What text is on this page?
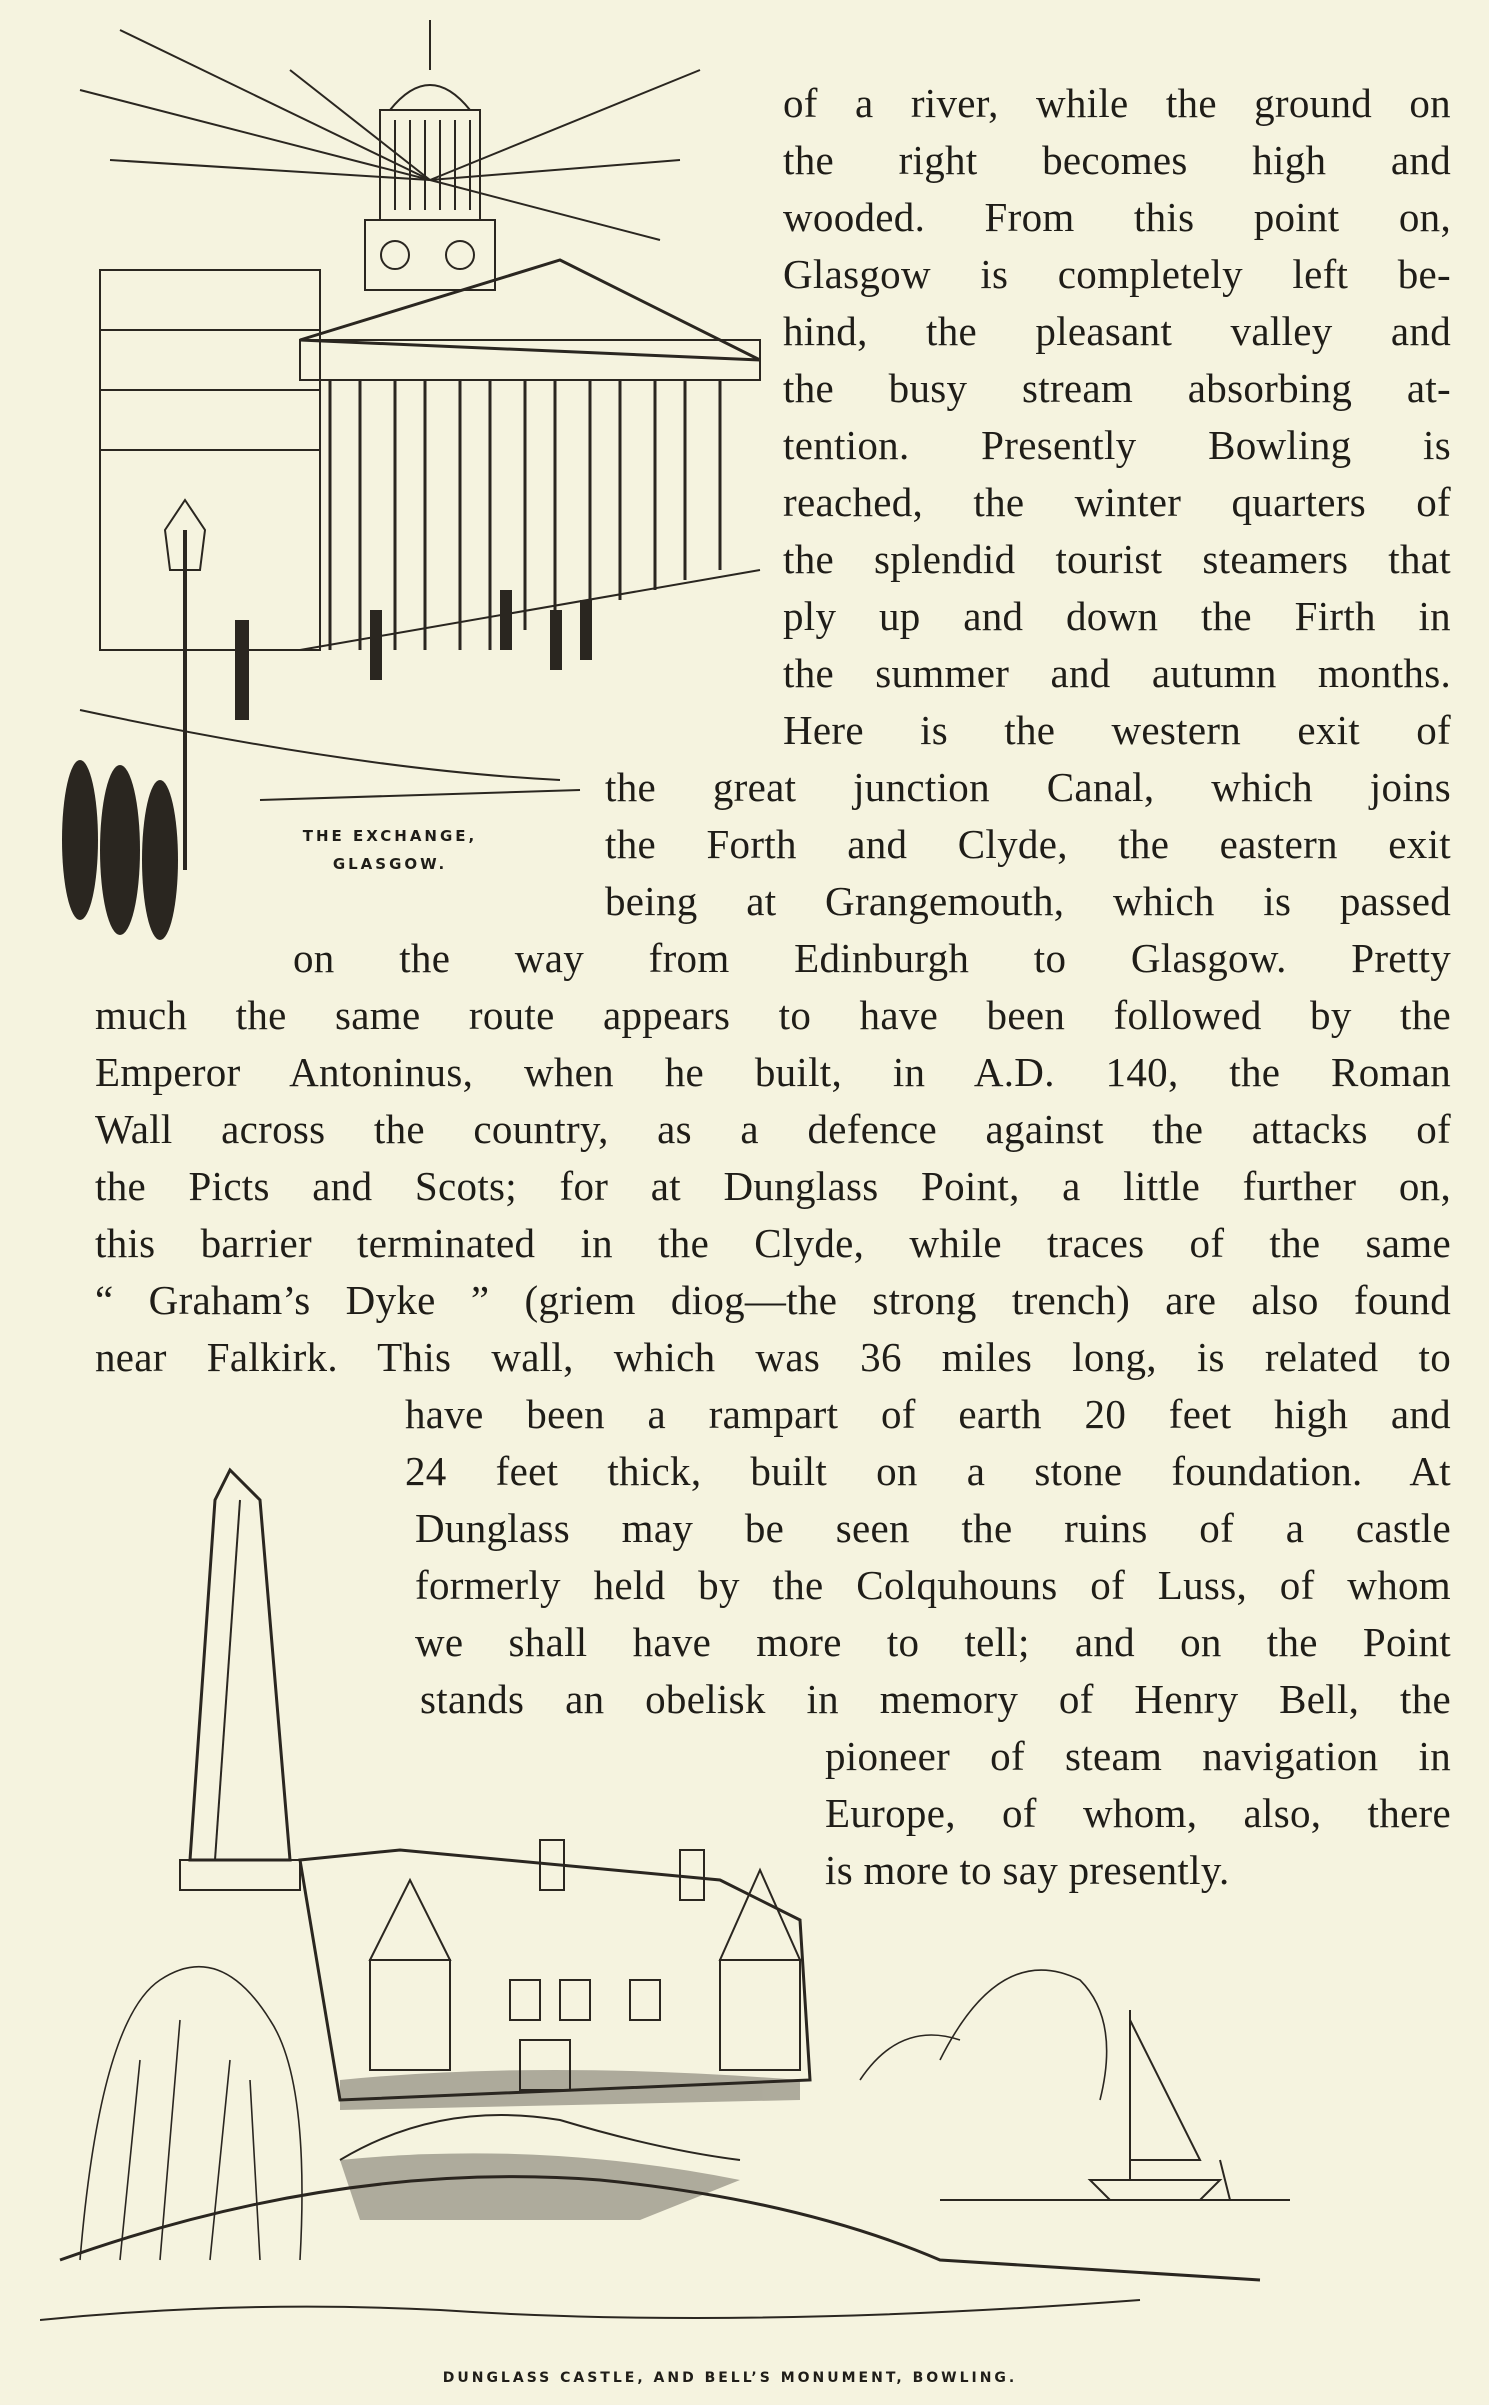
THE EXCHANGE,
GLASGOW.
of a river, while the ground on
the right becomes high and
wooded. From this point on,
Glasgow is completely left be-
hind, the pleasant valley and
the busy stream absorbing at-
tention. Presently Bowling is
reached, the winter quarters of
the splendid tourist steamers that
ply up and down the Firth in
the summer and autumn months.
Here is the western exit of
the great junction Canal, which joins
the Forth and Clyde, the eastern exit
being at Grangemouth, which is passed
on the way from Edinburgh to Glasgow. Pretty
much the same route appears to have been followed by the
Emperor Antoninus, when he built, in A.D. 140, the Roman
Wall across the country, as a defence against the attacks of
the Picts and Scots; for at Dunglass Point, a little further on,
this barrier terminated in the Clyde, while traces of the same
“ Graham’s Dyke ” (griem diog—the strong trench) are also found
near Falkirk. This wall, which was 36 miles long, is related to
have been a rampart of earth 20 feet high and
24 feet thick, built on a stone foundation. At
Dunglass may be seen the ruins of a castle
formerly held by the Colquhouns of Luss, of whom
we shall have more to tell; and on the Point
stands an obelisk in memory of Henry Bell, the
pioneer of steam navigation in
Europe, of whom, also, there
is more to say presently.
DUNGLASS CASTLE, AND BELL’S MONUMENT, BOWLING.
